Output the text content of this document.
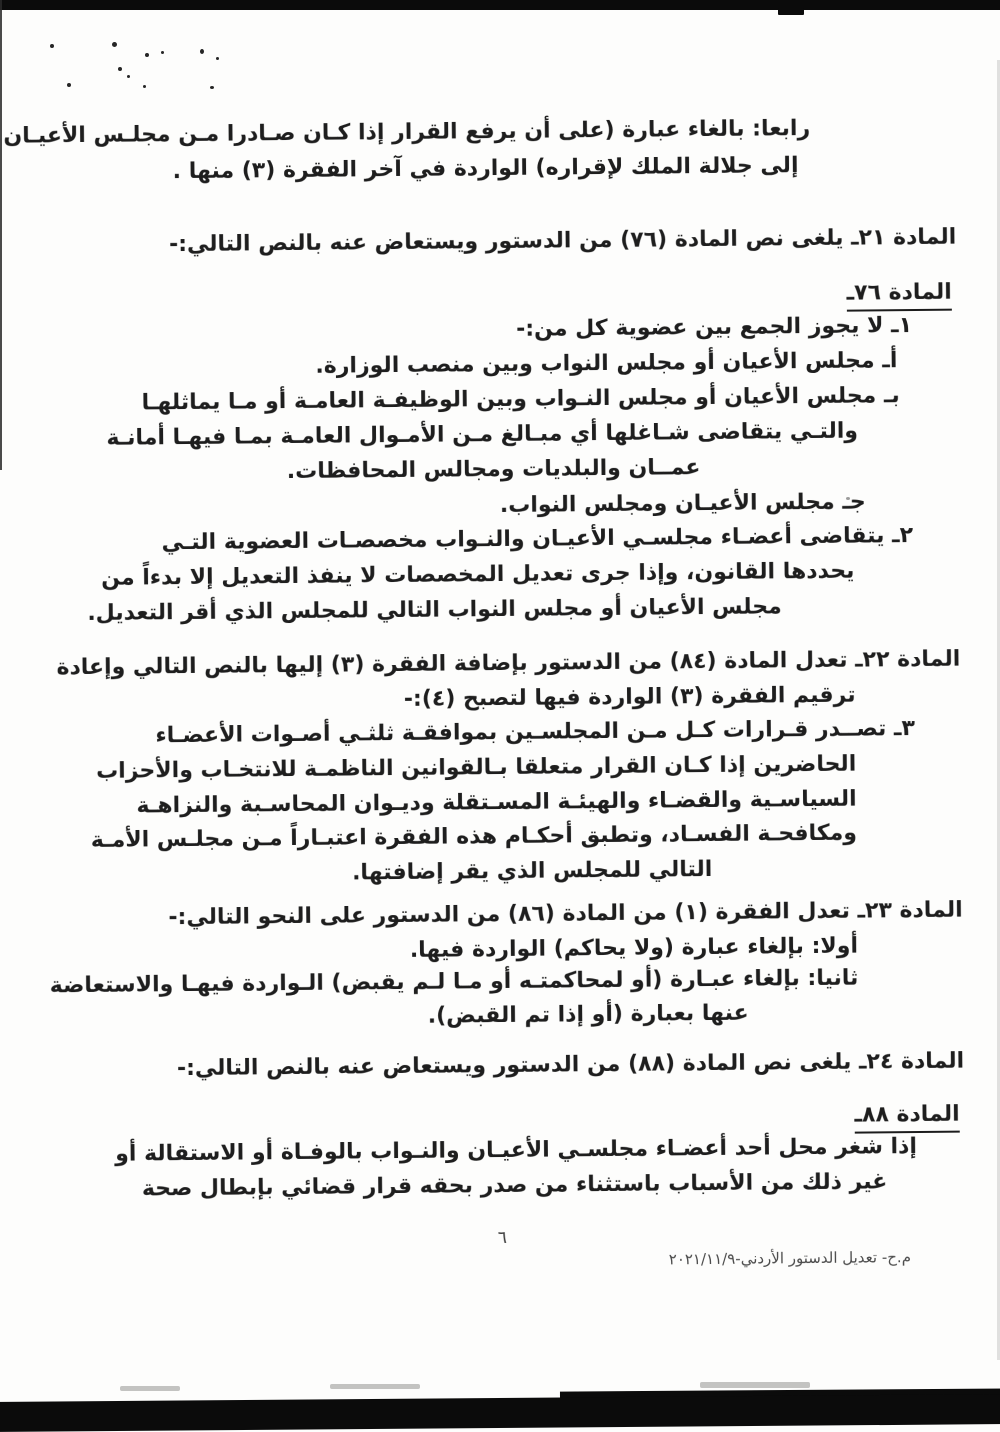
رابعا: بالغاء عبارة (على أن يرفع القرار إذا كـان صـادرا مـن مجلـس الأعيـان
إلى جلالة الملك لإقراره) الواردة في آخر الفقرة (٣) منها .
المادة ٢١ـ يلغى نص المادة (٧٦) من الدستور ويستعاض عنه بالنص التالي:-
المادة ٧٦ـ
١ـ لا يجوز الجمع بين عضوية كل من:-
أـ مجلس الأعيان أو مجلس النواب وبين منصب الوزارة.
بـ مجلس الأعيان أو مجلس النـواب وبين الوظيفـة العامـة أو مـا يماثلهـا
والتـي يتقاضى شـاغلها أي مبـالغ مـن الأمـوال العامـة بمـا فيهـا أمانـة
عمــان والبلديات ومجالس المحافظات.
جـ مجلس الأعيـان ومجلس النواب.
٢ـ يتقاضى أعضـاء مجلسـي الأعيـان والنـواب مخصصـات العضوية التـي
يحددها القانون، وإذا جرى تعديل المخصصات لا ينفذ التعديل إلا بدءاً من
مجلس الأعيان أو مجلس النواب التالي للمجلس الذي أقر التعديل.
المادة ٢٢ـ تعدل المادة (٨٤) من الدستور بإضافة الفقرة (٣) إليها بالنص التالي وإعادة
ترقيم الفقرة (٣) الواردة فيها لتصبح (٤):-
٣ـ تصــدر قـرارات كـل مـن المجلسـين بموافقـة ثلثـي أصـوات الأعضـاء
الحاضرين إذا كـان القرار متعلقا بـالقوانين الناظمـة للانتخـاب والأحزاب
السياسـية والقضـاء والهيئـة المسـتقلة وديـوان المحاسـبة والنزاهـة
ومكافحـة الفسـاد، وتطبق أحكـام هذه الفقرة اعتبـاراً مـن مجلـس الأمـة
التالي للمجلس الذي يقر إضافتها.
المادة ٢٣ـ تعدل الفقرة (١) من المادة (٨٦) من الدستور على النحو التالي:-
أولا: بإلغاء عبارة (ولا يحاكم) الواردة فيها.
ثانيا: بإلغاء عبـارة (أو لمحاكمتـه أو مـا لـم يقبض) الـواردة فيهـا والاستعاضة
عنها بعبارة (أو إذا تم القبض).
المادة ٢٤ـ يلغى نص المادة (٨٨) من الدستور ويستعاض عنه بالنص التالي:-
المادة ٨٨ـ
إذا شغر محل أحد أعضـاء مجلسـي الأعيـان والنـواب بالوفـاة أو الاستقالة أو
غير ذلك من الأسباب باستثناء من صدر بحقه قرار قضائي بإبطال صحة
٦
م.ح- تعديل الدستور الأردني-٢٠٢١/١١/٩
